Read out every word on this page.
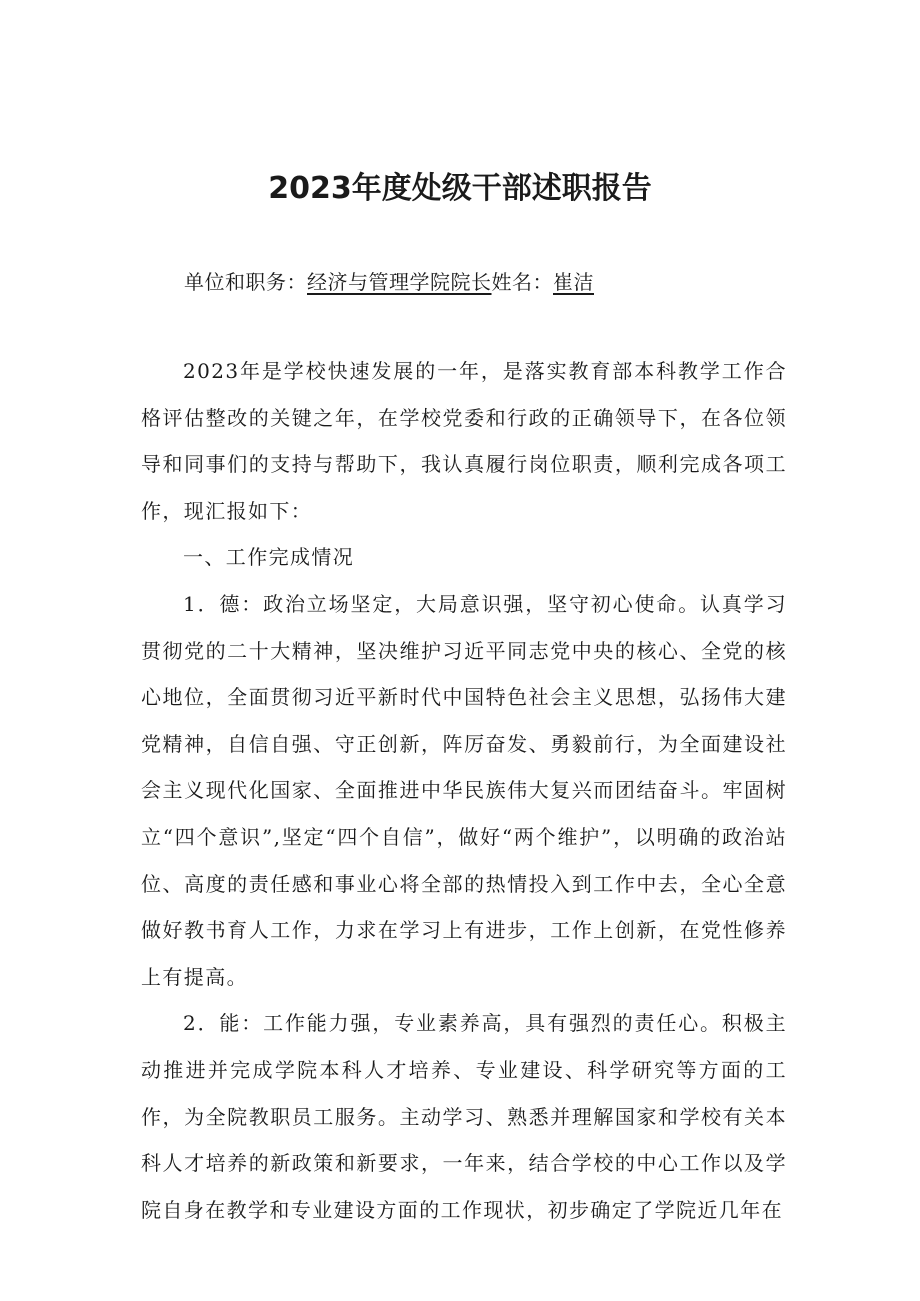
2023年度处级干部述职报告
单位和职务：经济与管理学院院长姓名：崔洁

2023年是学校快速发展的一年，是落实教育部本科教学工作合格评估整改的关键之年，在学校党委和行政的正确领导下，在各位领导和同事们的支持与帮助下，我认真履行岗位职责，顺利完成各项工作，现汇报如下：

一、工作完成情况

1．德：政治立场坚定，大局意识强，坚守初心使命。认真学习贯彻党的二十大精神，坚决维护习近平同志党中央的核心、全党的核心地位，全面贯彻习近平新时代中国特色社会主义思想，弘扬伟大建党精神，自信自强、守正创新，阵厉奋发、勇毅前行，为全面建设社会主义现代化国家、全面推进中华民族伟大复兴而团结奋斗。牢固树立“四个意识”,坚定“四个自信”，做好“两个维护”，以明确的政治站位、高度的责任感和事业心将全部的热情投入到工作中去，全心全意做好教书育人工作，力求在学习上有进步，工作上创新，在党性修养上有提高。

2．能：工作能力强，专业素养高，具有强烈的责任心。积极主动推进并完成学院本科人才培养、专业建设、科学研究等方面的工作，为全院教职员工服务。主动学习、熟悉并理解国家和学校有关本科人才培养的新政策和新要求，一年来，结合学校的中心工作以及学院自身在教学和专业建设方面的工作现状，初步确定了学院近几年在
